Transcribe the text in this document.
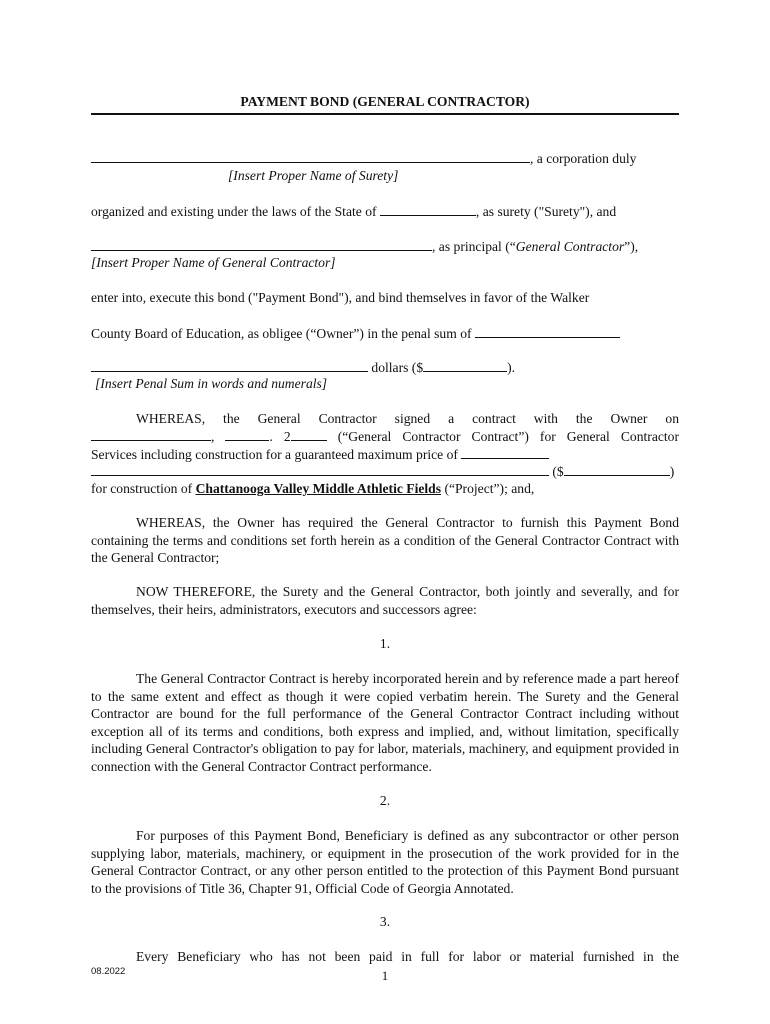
PAYMENT BOND (GENERAL CONTRACTOR)
, a corporation duly
[Insert Proper Name of Surety]
organized and existing under the laws of the State of	, as surety ("Surety"), and
, as principal (“General Contractor”),
[Insert Proper Name of General Contractor]
enter into, execute this bond ("Payment Bond"), and bind themselves in favor of the Walker
County Board of Education, as obligee (“Owner”) in the penal sum of
dollars ($	).
[Insert Penal Sum in words and numerals]
WHEREAS, the General Contractor signed a contract with the Owner on
,	. 2	(“General Contractor Contract”) for General Contractor
Services including construction for a guaranteed maximum price of
($	)
for construction of Chattanooga Valley Middle Athletic Fields (“Project”); and,
WHEREAS, the Owner has required the General Contractor to furnish this Payment Bond containing the terms and conditions set forth herein as a condition of the General Contractor Contract with the General Contractor;
NOW THEREFORE, the Surety and the General Contractor, both jointly and severally, and for themselves, their heirs, administrators, executors and successors agree:
1.
The General Contractor Contract is hereby incorporated herein and by reference made a part hereof to the same extent and effect as though it were copied verbatim herein. The Surety and the General Contractor are bound for the full performance of the General Contractor Contract including without exception all of its terms and conditions, both express and implied, and, without limitation, specifically including General Contractor's obligation to pay for labor, materials, machinery, and equipment provided in connection with the General Contractor Contract performance.
2.
For purposes of this Payment Bond, Beneficiary is defined as any subcontractor or other person supplying labor, materials, machinery, or equipment in the prosecution of the work provided for in the General Contractor Contract, or any other person entitled to the protection of this Payment Bond pursuant to the provisions of Title 36, Chapter 91, Official Code of Georgia Annotated.
3.
Every Beneficiary who has not been paid in full for labor or material furnished in the
08.2022	1
